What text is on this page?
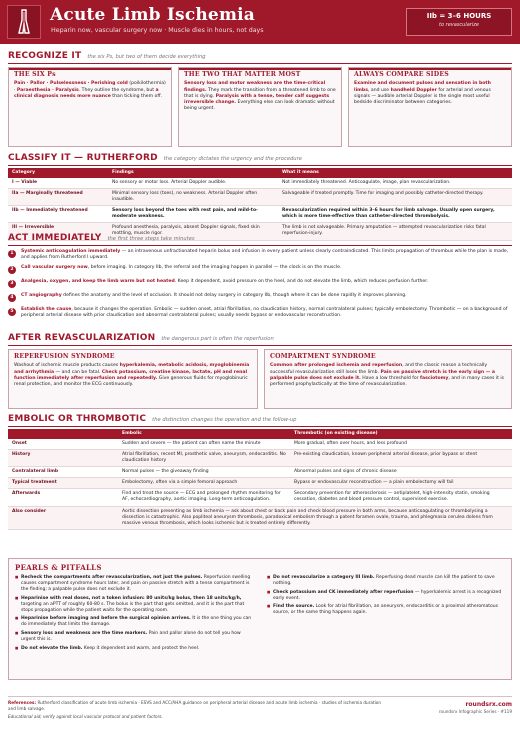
Acute Limb Ischemia
Heparin now, vascular surgery now · Muscle dies in hours, not days
IIb = 3–6 HOURS
to revascularize
RECOGNIZE IT the six Ps, but two of them decide everything
THE SIX Ps
Pain · Pallor · Pulselessness · Perishing cold (poikilothermia) · Paraesthesia · Paralysis. They outline the syndrome, but a clinical diagnosis needs more nuance than ticking them off.
THE TWO THAT MATTER MOST
Sensory loss and motor weakness are the time-critical findings. They mark the transition from a threatened limb to one that is dying. Paralysis with a tense, tender calf suggests irreversible change. Everything else can look dramatic without being urgent.
ALWAYS COMPARE SIDES
Examine and document pulses and sensation in both limbs, and use handheld Doppler for arterial and venous signals — audible arterial Doppler is the single most useful bedside discriminator between categories.
CLASSIFY IT — RUTHERFORD the category dictates the urgency and the procedure
Category	Findings	What it means
I — Viable	No sensory or motor loss. Arterial Doppler audible.	Not immediately threatened. Anticoagulate, image, plan revascularization.
IIa — Marginally threatened	Minimal sensory loss (toes), no weakness. Arterial Doppler often inaudible.	Salvageable if treated promptly. Time for imaging and possibly catheter-directed therapy.
IIb — Immediately threatened	Sensory loss beyond the toes with rest pain, and mild-to-moderate weakness.	Revascularization required within 3–6 hours for limb salvage. Usually open surgery, which is more time-effective than catheter-directed thrombolysis.
III — Irreversible	Profound anesthesia, paralysis, absent Doppler signals, fixed skin mottling, muscle rigor.	The limb is not salvageable. Primary amputation — attempted revascularization risks fatal reperfusion-injury.
ACT IMMEDIATELY the first three steps take minutes
1	Systemic anticoagulation immediately — an intravenous unfractionated heparin bolus and infusion in every patient unless clearly contraindicated. This limits propagation of thrombus while the plan is made, and applies from Rutherford I upward.
2	Call vascular surgery now, before imaging. In category IIb, the referral and the imaging happen in parallel — the clock is on the muscle.
3	Analgesia, oxygen, and keep the limb warm but not heated. Keep it dependent, avoid pressure on the heel, and do not elevate the limb, which reduces perfusion further.
4	CT angiography defines the anatomy and the level of occlusion. It should not delay surgery in category IIb, though where it can be done rapidly it improves planning.
5	Establish the cause, because it changes the operation. Embolic — sudden onset, atrial fibrillation, no claudication history, normal contralateral pulses; typically embolectomy. Thrombotic — on a background of peripheral arterial disease with prior claudication and abnormal contralateral pulses; usually needs bypass or endovascular reconstruction.
AFTER REVASCULARIZATION the dangerous part is often the reperfusion
REPERFUSION SYNDROME
Washout of ischemic muscle products causes hyperkalemia, metabolic acidosis, myoglobinemia and arrhythmia — and can be fatal. Check potassium, creatine kinase, lactate, pH and renal function immediately after reperfusion and repeatedly. Give generous fluids for myoglobinuric renal protection, and monitor the ECG continuously.
COMPARTMENT SYNDROME
Common after prolonged ischemia and reperfusion, and the classic reason a technically successful revascularization still loses the limb. Pain on passive stretch is the early sign — a palpable pulse does not exclude it. Have a low threshold for fasciotomy, and in many cases it is performed prophylactically at the time of revascularization.
EMBOLIC OR THROMBOTIC the distinction changes the operation and the follow-up
	Embolic	Thrombotic (on existing disease)
Onset	Sudden and severe — the patient can often name the minute	More gradual, often over hours, and less profound
History	Atrial fibrillation, recent MI, prosthetic valve, aneurysm, endocarditis. No claudication history	Pre-existing claudication, known peripheral arterial disease, prior bypass or stent
Contralateral limb	Normal pulses — the giveaway finding	Abnormal pulses and signs of chronic disease
Typical treatment	Embolectomy, often via a simple femoral approach	Bypass or endovascular reconstruction — a plain embolectomy will fail
Afterwards	Find and treat the source — ECG and prolonged rhythm monitoring for AF, echocardiography, aortic imaging. Long-term anticoagulation.	Secondary prevention for atherosclerosis — antiplatelet, high-intensity statin, smoking cessation, diabetes and blood pressure control, supervised exercise.
Also consider	Aortic dissection presenting as limb ischemia — ask about chest or back pain and check blood pressure in both arms, because anticoagulating or thrombolysing a dissection is catastrophic. Also popliteal aneurysm thrombosis, paradoxical embolism through a patent foramen ovale, trauma, and phlegmasia cerulea dolens from massive venous thrombosis, which looks ischemic but is treated entirely differently.	
PEARLS & PITFALLS
■ Recheck the compartments after revascularization, not just the pulses. Reperfusion swelling causes compartment syndrome hours later, and pain on passive stretch with a tense compartment is the finding; a palpable pulse does not exclude it.
■ Heparinise with real doses, not a token infusion: 80 units/kg bolus, then 18 units/kg/h, targeting an aPTT of roughly 60-80 s. The bolus is the part that gets omitted, and it is the part that stops propagation while the patient waits for the operating room.
■ Heparinise before imaging and before the surgical opinion arrives. It is the one thing you can do immediately that limits the damage.
■ Sensory loss and weakness are the time markers. Pain and pallor alone do not tell you how urgent this is.
■ Do not elevate the limb. Keep it dependent and warm, and protect the heel.
■ Do not revascularize a category III limb. Reperfusing dead muscle can kill the patient to save nothing.
■ Check potassium and CK immediately after reperfusion — hyperkalemic arrest is a recognized early event.
■ Find the source. Look for atrial fibrillation, an aneurysm, endocarditis or a proximal atheromatous source, or the same thing happens again.
References: Rutherford classification of acute limb ischemia · ESVS and ACC/AHA guidance on peripheral arterial disease and acute limb ischemia · studies of ischemia duration and limb salvage.
Educational aid; verify against local vascular protocol and patient factors.
roundsrx.com
roundsrx Infographic Series · #119
